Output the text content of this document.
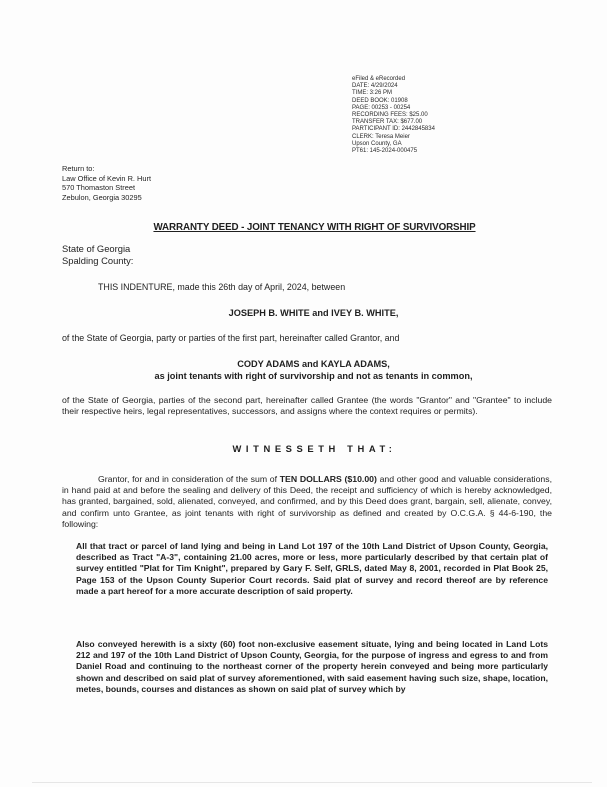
eFiled & eRecorded
DATE: 4/29/2024
TIME: 3:26 PM
DEED BOOK: 01908
PAGE: 00253 - 00254
RECORDING FEES: $25.00
TRANSFER TAX: $677.00
PARTICIPANT ID: 2442845834
CLERK: Teresa Meier
Upson County, GA
PT61: 145-2024-000475
Return to:
Law Office of Kevin R. Hurt
570 Thomaston Street
Zebulon, Georgia 30295
WARRANTY DEED - JOINT TENANCY WITH RIGHT OF SURVIVORSHIP
State of Georgia
Spalding County:
THIS INDENTURE, made this 26th day of April, 2024, between
JOSEPH B. WHITE and IVEY B. WHITE,
of the State of Georgia, party or parties of the first part, hereinafter called Grantor, and
CODY ADAMS and KAYLA ADAMS,
as joint tenants with right of survivorship and not as tenants in common,
of the State of Georgia, parties of the second part, hereinafter called Grantee (the words "Grantor" and "Grantee" to include their respective heirs, legal representatives, successors, and assigns where the context requires or permits).
WITNESSETH THAT:
Grantor, for and in consideration of the sum of TEN DOLLARS ($10.00) and other good and valuable considerations, in hand paid at and before the sealing and delivery of this Deed, the receipt and sufficiency of which is hereby acknowledged, has granted, bargained, sold, alienated, conveyed, and confirmed, and by this Deed does grant, bargain, sell, alienate, convey, and confirm unto Grantee, as joint tenants with right of survivorship as defined and created by O.C.G.A. § 44-6-190, the following:
All that tract or parcel of land lying and being in Land Lot 197 of the 10th Land District of Upson County, Georgia, described as Tract "A-3", containing 21.00 acres, more or less, more particularly described by that certain plat of survey entitled "Plat for Tim Knight", prepared by Gary F. Self, GRLS, dated May 8, 2001, recorded in Plat Book 25, Page 153 of the Upson County Superior Court records. Said plat of survey and record thereof are by reference made a part hereof for a more accurate description of said property.
Also conveyed herewith is a sixty (60) foot non-exclusive easement situate, lying and being located in Land Lots 212 and 197 of the 10th Land District of Upson County, Georgia, for the purpose of ingress and egress to and from Daniel Road and continuing to the northeast corner of the property herein conveyed and being more particularly shown and described on said plat of survey aforementioned, with said easement having such size, shape, location, metes, bounds, courses and distances as shown on said plat of survey which by
